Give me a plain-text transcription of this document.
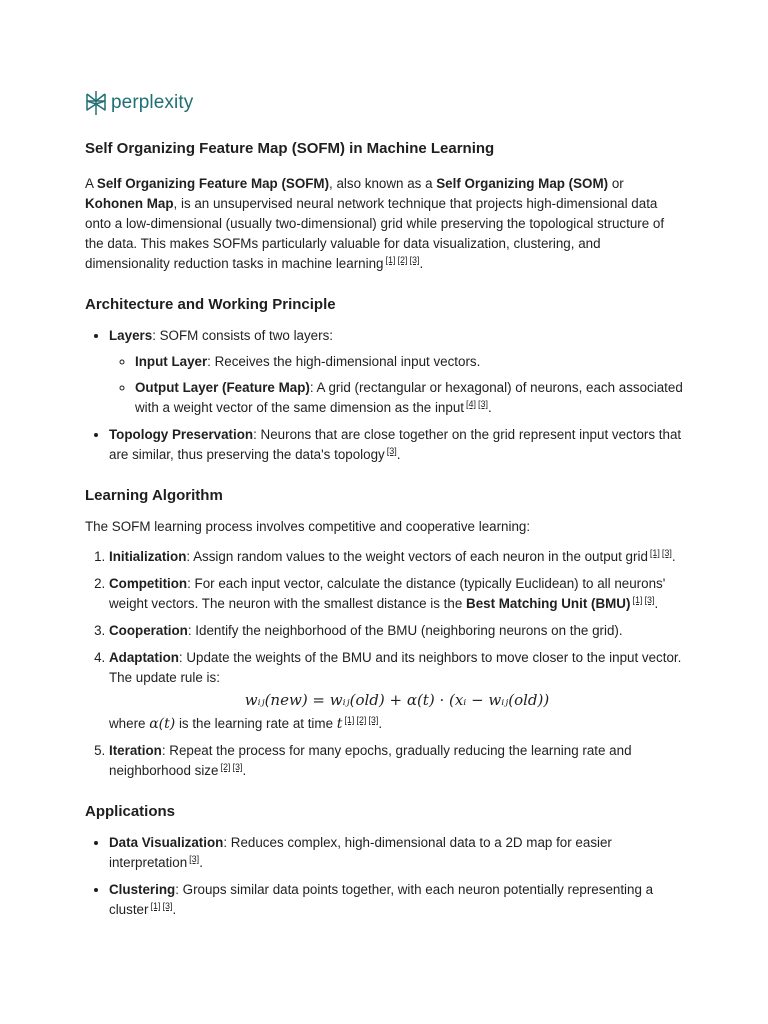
perplexity
Self Organizing Feature Map (SOFM) in Machine Learning

A Self Organizing Feature Map (SOFM), also known as a Self Organizing Map (SOM) or Kohonen Map, is an unsupervised neural network technique that projects high-dimensional data onto a low-dimensional (usually two-dimensional) grid while preserving the topological structure of the data. This makes SOFMs particularly valuable for data visualization, clustering, and dimensionality reduction tasks in machine learning [1] [2] [3].

Architecture and Working Principle
• Layers: SOFM consists of two layers:
◦ Input Layer: Receives the high-dimensional input vectors.
◦ Output Layer (Feature Map): A grid (rectangular or hexagonal) of neurons, each associated with a weight vector of the same dimension as the input [4] [3].
• Topology Preservation: Neurons that are close together on the grid represent input vectors that are similar, thus preserving the data's topology [3].
Learning Algorithm

The SOFM learning process involves competitive and cooperative learning:

1. Initialization: Assign random values to the weight vectors of each neuron in the output grid [1] [3].
2. Competition: For each input vector, calculate the distance (typically Euclidean) to all neurons' weight vectors. The neuron with the smallest distance is the Best Matching Unit (BMU) [1] [3].
3. Cooperation: Identify the neighborhood of the BMU (neighboring neurons on the grid).
4. Adaptation: Update the weights of the BMU and its neighbors to move closer to the input vector. The update rule is:
wᵢⱼ(new) = wᵢⱼ(old) + α(t) · (xᵢ − wᵢⱼ(old))
where α(t) is the learning rate at time t [1] [2] [3].
5. Iteration: Repeat the process for many epochs, gradually reducing the learning rate and neighborhood size [2] [3].
Applications
• Data Visualization: Reduces complex, high-dimensional data to a 2D map for easier interpretation [3].
• Clustering: Groups similar data points together, with each neuron potentially representing a cluster [1] [3].
